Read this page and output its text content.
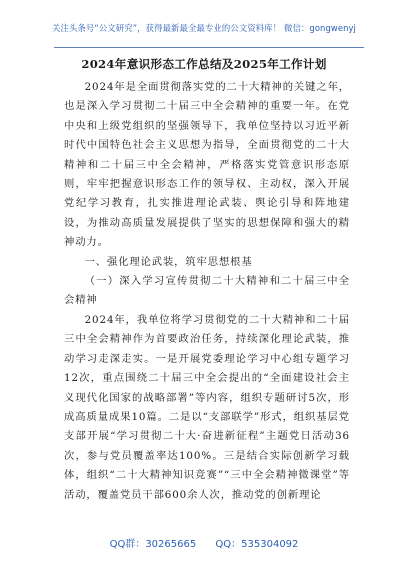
关注头条号“公文研究”，获得最新最全最专业的公文资料库！ 微信：gongwenyj
2024年意识形态工作总结及2025年工作计划

2024年是全面贯彻落实党的二十大精神的关键之年，也是深入学习贯彻二十届三中全会精神的重要一年。在党中央和上级党组织的坚强领导下，我单位坚持以习近平新时代中国特色社会主义思想为指导，全面贯彻党的二十大精神和二十届三中全会精神，严格落实党管意识形态原则，牢牢把握意识形态工作的领导权、主动权，深入开展党纪学习教育，扎实推进理论武装、舆论引导和阵地建设，为推动高质量发展提供了坚实的思想保障和强大的精神动力。

一、强化理论武装，筑牢思想根基

（一）深入学习宣传贯彻二十大精神和二十届三中全会精神

2024年，我单位将学习贯彻党的二十大精神和二十届三中全会精神作为首要政治任务，持续深化理论武装，推动学习走深走实。一是开展党委理论学习中心组专题学习12次，重点围绕二十届三中全会提出的“全面建设社会主义现代化国家的战略部署”等内容，组织专题研讨5次，形成高质量成果10篇。二是以“支部联学”形式，组织基层党支部开展“学习贯彻二十大·奋进新征程”主题党日活动36次，参与党员覆盖率达100%。三是结合实际创新学习载体，组织“二十大精神知识竞赛”“三中全会精神微课堂”等活动，覆盖党员干部600余人次，推动党的创新理论

QQ群：30265665 QQ：535304092
